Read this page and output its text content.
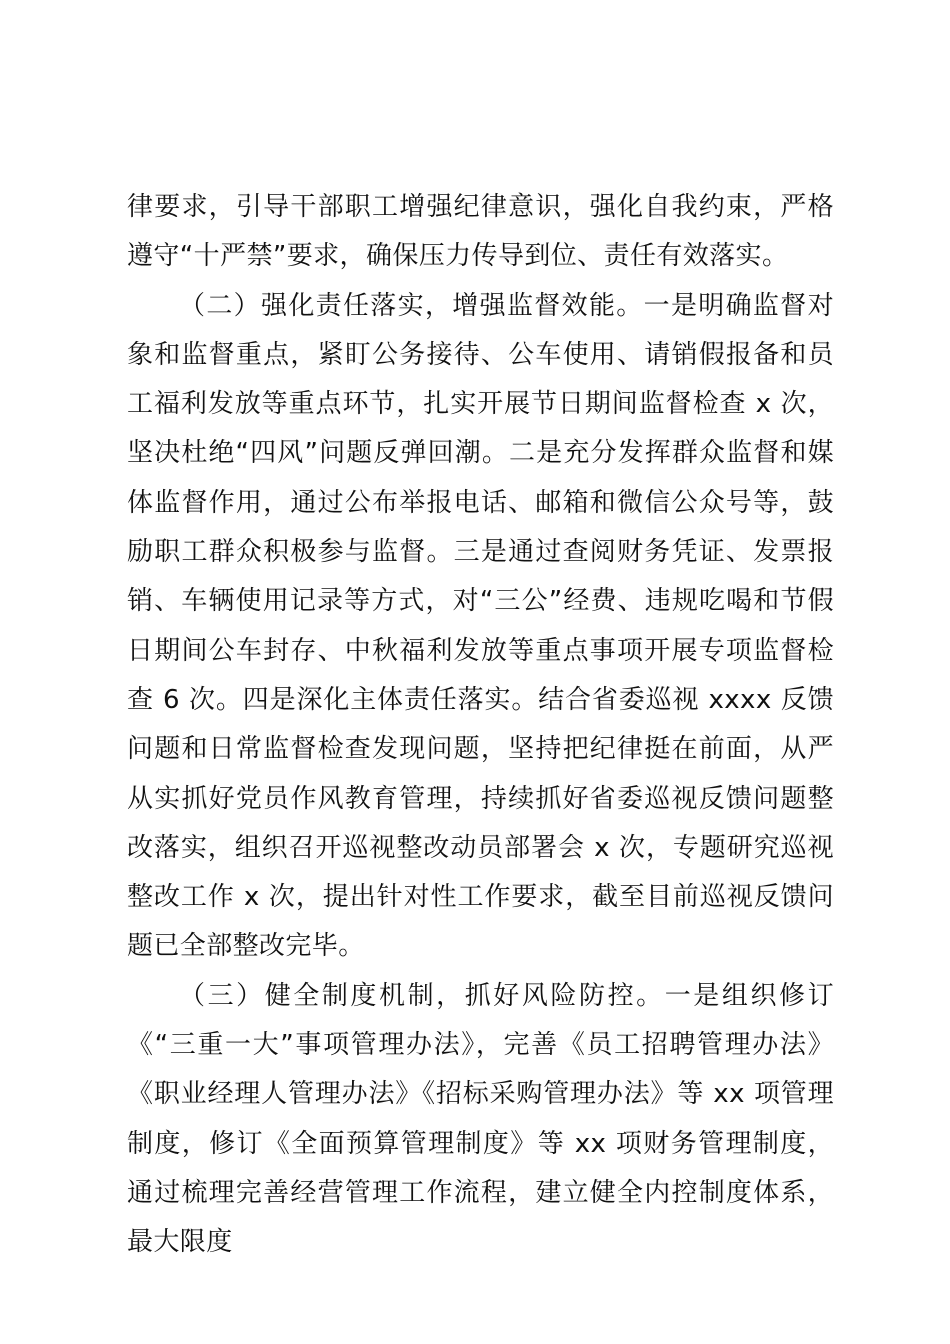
律要求，引导干部职工增强纪律意识，强化自我约束，严格遵守“十严禁”要求，确保压力传导到位、责任有效落实。

（二）强化责任落实，增强监督效能。一是明确监督对象和监督重点，紧盯公务接待、公车使用、请销假报备和员工福利发放等重点环节，扎实开展节日期间监督检查 x 次，坚决杜绝“四风”问题反弹回潮。二是充分发挥群众监督和媒体监督作用，通过公布举报电话、邮箱和微信公众号等，鼓励职工群众积极参与监督。三是通过查阅财务凭证、发票报销、车辆使用记录等方式，对“三公”经费、违规吃喝和节假日期间公车封存、中秋福利发放等重点事项开展专项监督检查 6 次。四是深化主体责任落实。结合省委巡视 xxxx 反馈问题和日常监督检查发现问题，坚持把纪律挺在前面，从严从实抓好党员作风教育管理，持续抓好省委巡视反馈问题整改落实，组织召开巡视整改动员部署会 x 次，专题研究巡视整改工作 x 次，提出针对性工作要求，截至目前巡视反馈问题已全部整改完毕。

（三）健全制度机制，抓好风险防控。一是组织修订《“三重一大”事项管理办法》，完善《员工招聘管理办法》《职业经理人管理办法》《招标采购管理办法》等 xx 项管理制度，修订《全面预算管理制度》等 xx 项财务管理制度，通过梳理完善经营管理工作流程，建立健全内控制度体系，最大限度
